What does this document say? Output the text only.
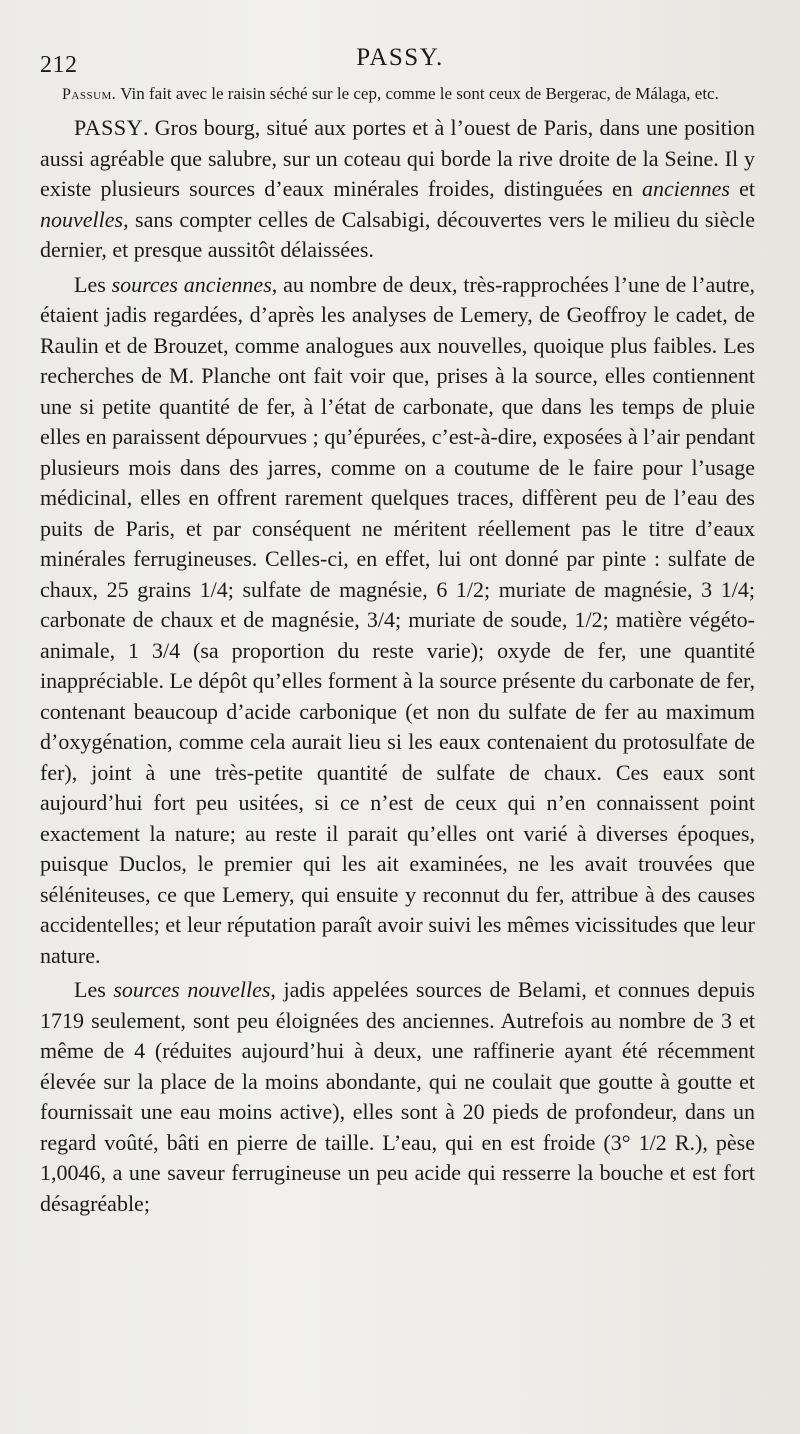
212	PASSY.

Passum. Vin fait avec le raisin séché sur le cep, comme le sont ceux de Bergerac, de Málaga, etc.

PASSY. Gros bourg, situé aux portes et à l’ouest de Paris, dans une position aussi agréable que salubre, sur un coteau qui borde la rive droite de la Seine. Il y existe plusieurs sources d’eaux minérales froides, distinguées en anciennes et nouvelles, sans compter celles de Calsabigi, découvertes vers le milieu du siècle dernier, et presque aussitôt délaissées.

Les sources anciennes, au nombre de deux, très-rapprochées l’une de l’autre, étaient jadis regardées, d’après les analyses de Lemery, de Geoffroy le cadet, de Raulin et de Brouzet, comme analogues aux nouvelles, quoique plus faibles. Les recherches de M. Planche ont fait voir que, prises à la source, elles contiennent une si petite quantité de fer, à l’état de carbonate, que dans les temps de pluie elles en paraissent dépourvues ; qu’épurées, c’est-à-dire, exposées à l’air pendant plusieurs mois dans des jarres, comme on a coutume de le faire pour l’usage médicinal, elles en offrent rarement quelques traces, diffèrent peu de l’eau des puits de Paris, et par conséquent ne méritent réellement pas le titre d’eaux minérales ferrugineuses. Celles-ci, en effet, lui ont donné par pinte : sulfate de chaux, 25 grains 1/4; sulfate de magnésie, 6 1/2; muriate de magnésie, 3 1/4; carbonate de chaux et de magnésie, 3/4; muriate de soude, 1/2; matière végéto-animale, 1 3/4 (sa proportion du reste varie); oxyde de fer, une quantité inappréciable. Le dépôt qu’elles forment à la source présente du carbonate de fer, contenant beaucoup d’acide carbonique (et non du sulfate de fer au maximum d’oxygénation, comme cela aurait lieu si les eaux contenaient du protosulfate de fer), joint à une très-petite quantité de sulfate de chaux. Ces eaux sont aujourd’hui fort peu usitées, si ce n’est de ceux qui n’en connaissent point exactement la nature; au reste il parait qu’elles ont varié à diverses époques, puisque Duclos, le premier qui les ait examinées, ne les avait trouvées que séléniteuses, ce que Lemery, qui ensuite y reconnut du fer, attribue à des causes accidentelles; et leur réputation paraît avoir suivi les mêmes vicissitudes que leur nature.

Les sources nouvelles, jadis appelées sources de Belami, et connues depuis 1719 seulement, sont peu éloignées des anciennes. Autrefois au nombre de 3 et même de 4 (réduites aujourd’hui à deux, une raffinerie ayant été récemment élevée sur la place de la moins abondante, qui ne coulait que goutte à goutte et fournissait une eau moins active), elles sont à 20 pieds de profondeur, dans un regard voûté, bâti en pierre de taille. L’eau, qui en est froide (3° 1/2 R.), pèse 1,0046, a une saveur ferrugineuse un peu acide qui resserre la bouche et est fort désagréable;
